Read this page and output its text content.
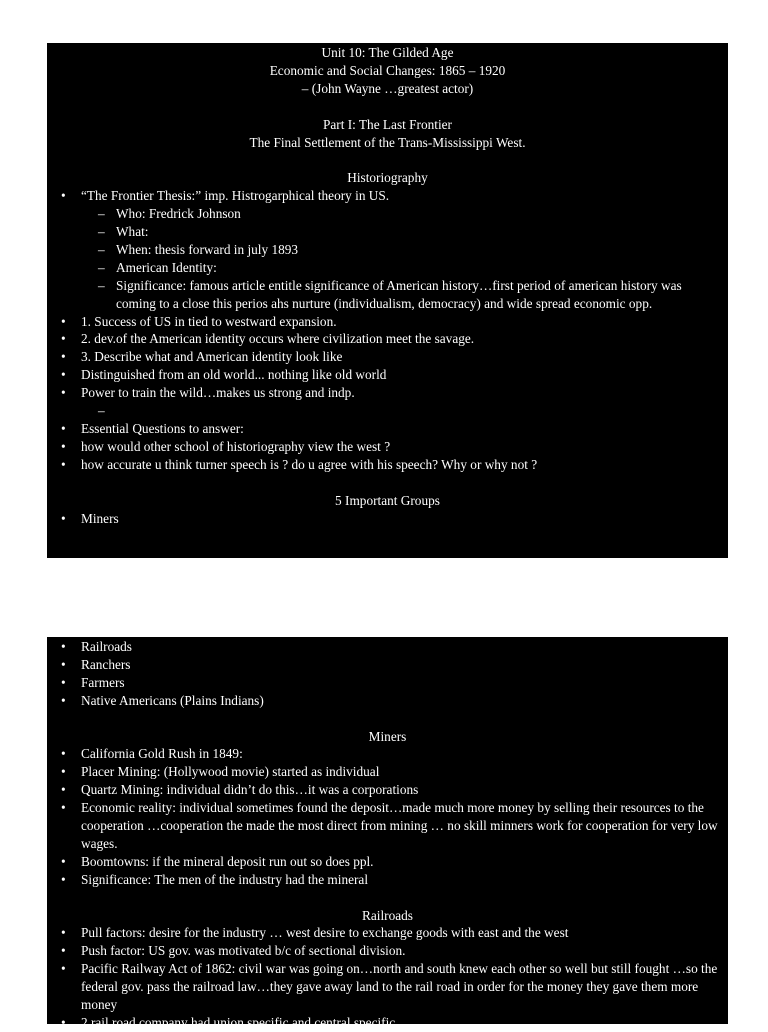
Unit 10: The Gilded Age
Economic and Social Changes: 1865 – 1920
– (John Wayne …greatest actor)
Part I: The Last Frontier
The Final Settlement of the Trans-Mississippi West.
Historiography
• “The Frontier Thesis:” imp. Histrogarphical theory in US.
– Who: Fredrick Johnson
– What:
– When: thesis forward in july 1893
– American Identity:
– Significance: famous article entitle significance of American history…first period of american history was coming to a close this perios ahs nurture (individualism, democracy) and wide spread economic opp.
• 1. Success of US in tied to westward expansion.
• 2. dev.of the American identity occurs where civilization meet the savage.
• 3. Describe what and American identity look like
• Distinguished from an old world... nothing like old world
• Power to train the wild…makes us strong and indp.
–
• Essential Questions to answer:
• how would other school of historiography view the west ?
• how accurate u think turner speech is ? do u agree with his speech? Why or why not ?
5 Important Groups
• Miners
• Railroads
• Ranchers
• Farmers
• Native Americans (Plains Indians)
Miners
• California Gold Rush in 1849:
• Placer Mining: (Hollywood movie) started as individual
• Quartz Mining: individual didn’t do this…it was a corporations
• Economic reality: individual sometimes found the deposit…made much more money by selling their resources to the cooperation …cooperation the made the most direct from mining … no skill minners work for cooperation for very low wages.
• Boomtowns: if the mineral deposit run out so does ppl.
• Significance: The men of the industry had the mineral
Railroads
• Pull factors: desire for the industry … west desire to exchange goods with east and the west
• Push factor: US gov. was motivated b/c of sectional division.
• Pacific Railway Act of 1862: civil war was going on…north and south knew each other so well but still fought …so the federal gov. pass the railroad law…they gave away land to the rail road in order for the money they gave them more money
• 2 rail road company had union specific and central specific
